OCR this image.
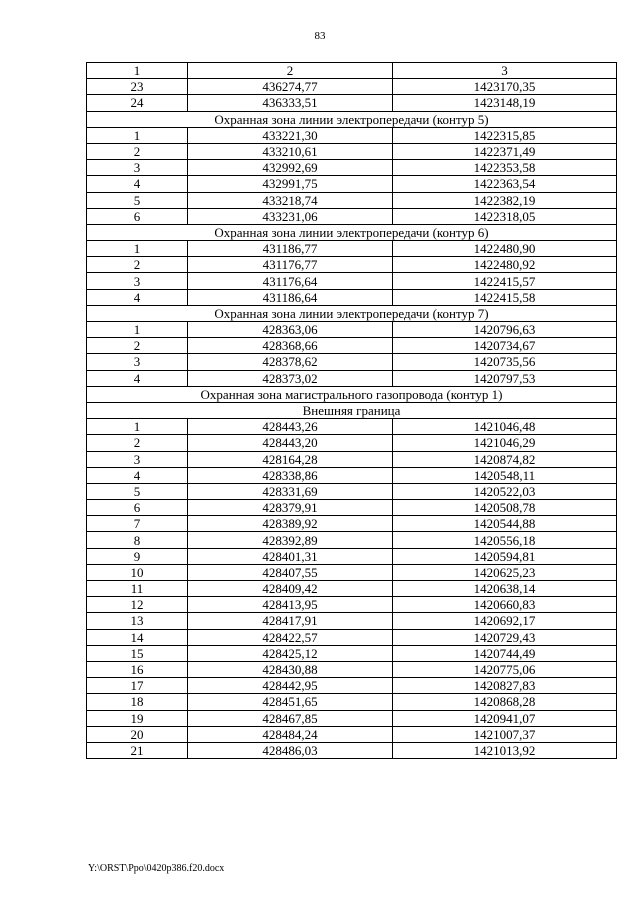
83
1	2	3
23	436274,77	1423170,35
24	436333,51	1423148,19
Охранная зона линии электропередачи (контур 5)		
1	433221,30	1422315,85
2	433210,61	1422371,49
3	432992,69	1422353,58
4	432991,75	1422363,54
5	433218,74	1422382,19
6	433231,06	1422318,05
Охранная зона линии электропередачи (контур 6)		
1	431186,77	1422480,90
2	431176,77	1422480,92
3	431176,64	1422415,57
4	431186,64	1422415,58
Охранная зона линии электропередачи (контур 7)		
1	428363,06	1420796,63
2	428368,66	1420734,67
3	428378,62	1420735,56
4	428373,02	1420797,53
Охранная зона магистрального газопровода (контур 1)		
Внешняя граница		
1	428443,26	1421046,48
2	428443,20	1421046,29
3	428164,28	1420874,82
4	428338,86	1420548,11
5	428331,69	1420522,03
6	428379,91	1420508,78
7	428389,92	1420544,88
8	428392,89	1420556,18
9	428401,31	1420594,81
10	428407,55	1420625,23
11	428409,42	1420638,14
12	428413,95	1420660,83
13	428417,91	1420692,17
14	428422,57	1420729,43
15	428425,12	1420744,49
16	428430,88	1420775,06
17	428442,95	1420827,83
18	428451,65	1420868,28
19	428467,85	1420941,07
20	428484,24	1421007,37
21	428486,03	1421013,92
Y:\ORST\Ppo\0420p386.f20.docx
